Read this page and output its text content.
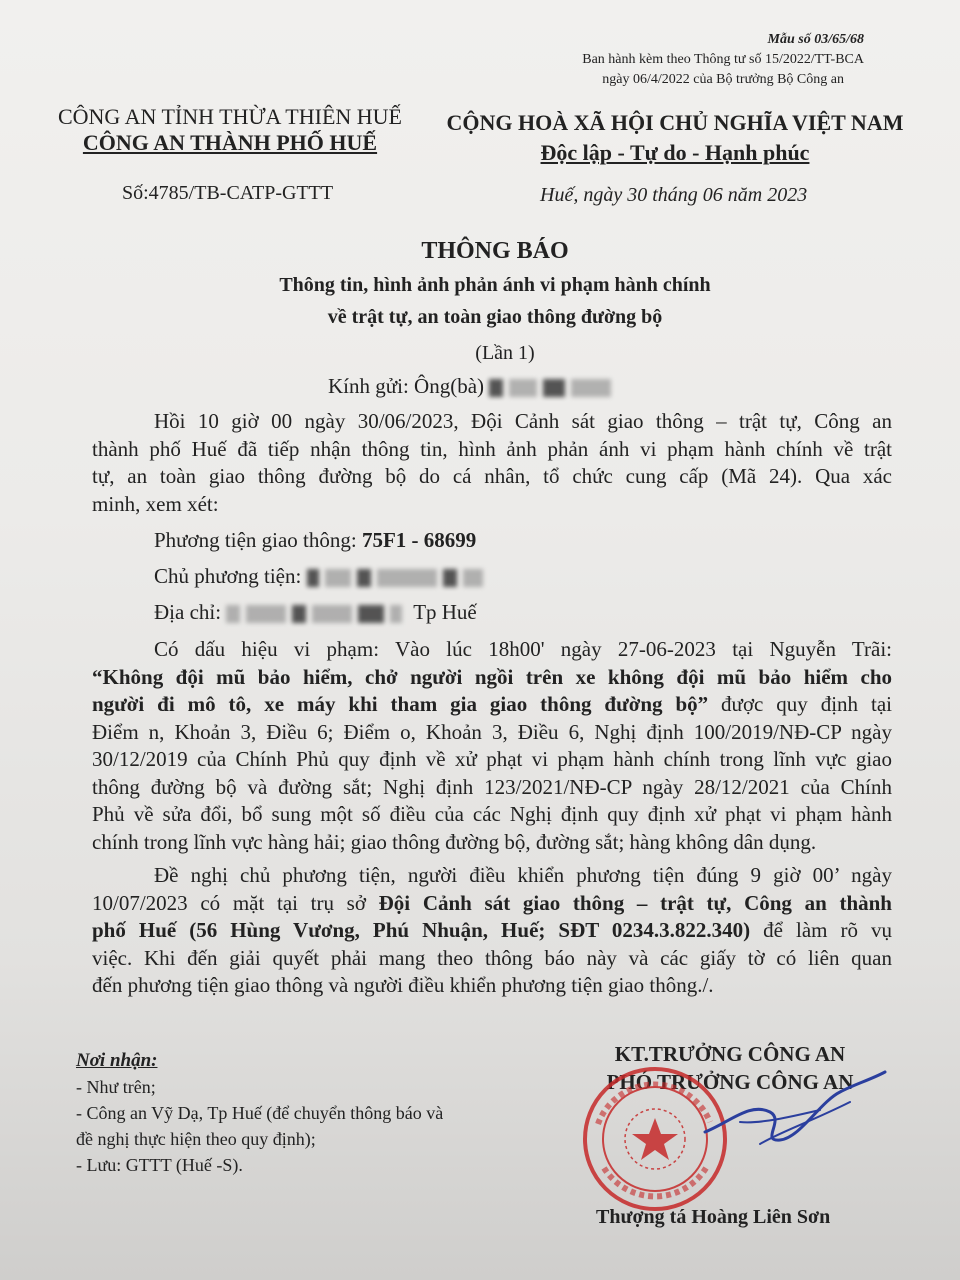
Mẫu số 03/65/68
Ban hành kèm theo Thông tư số 15/2022/TT-BCA
ngày 06/4/2022 của Bộ trưởng Bộ Công an
CÔNG AN TỈNH THỪA THIÊN HUẾ
CÔNG AN THÀNH PHỐ HUẾ
CỘNG HOÀ XÃ HỘI CHỦ NGHĨA VIỆT NAM
Độc lập - Tự do - Hạnh phúc
Số:4785/TB-CATP-GTTT	Huế, ngày 30 tháng 06 năm 2023
THÔNG BÁO
Thông tin, hình ảnh phản ánh vi phạm hành chính
về trật tự, an toàn giao thông đường bộ
(Lần 1)
Kính gửi: Ông(bà)
Hồi 10 giờ 00 ngày 30/06/2023, Đội Cảnh sát giao thông – trật tự, Công an
thành phố Huế đã tiếp nhận thông tin, hình ảnh phản ánh vi phạm hành chính về trật
tự, an toàn giao thông đường bộ do cá nhân, tổ chức cung cấp (Mã 24). Qua xác
minh, xem xét:
Phương tiện giao thông: 75F1 - 68699
Chủ phương tiện:
Địa chỉ:	Tp Huế
Có dấu hiệu vi phạm: Vào lúc 18h00' ngày 27-06-2023 tại Nguyễn Trãi:
“Không đội mũ bảo hiểm, chở người ngồi trên xe không đội mũ bảo hiểm cho
người đi mô tô, xe máy khi tham gia giao thông đường bộ” được quy định tại
Điểm n, Khoản 3, Điều 6; Điểm o, Khoản 3, Điều 6, Nghị định 100/2019/NĐ-CP ngày
30/12/2019 của Chính Phủ quy định về xử phạt vi phạm hành chính trong lĩnh vực giao
thông đường bộ và đường sắt; Nghị định 123/2021/NĐ-CP ngày 28/12/2021 của Chính
Phủ về sửa đổi, bổ sung một số điều của các Nghị định quy định xử phạt vi phạm hành
chính trong lĩnh vực hàng hải; giao thông đường bộ, đường sắt; hàng không dân dụng.
Đề nghị chủ phương tiện, người điều khiển phương tiện đúng 9 giờ 00’ ngày
10/07/2023 có mặt tại trụ sở Đội Cảnh sát giao thông – trật tự, Công an thành
phố Huế (56 Hùng Vương, Phú Nhuận, Huế; SĐT 0234.3.822.340) để làm rõ vụ
việc. Khi đến giải quyết phải mang theo thông báo này và các giấy tờ có liên quan
đến phương tiện giao thông và người điều khiển phương tiện giao thông./.
Nơi nhận:
- Như trên;
- Công an Vỹ Dạ, Tp Huế (để chuyển thông báo và
đề nghị thực hiện theo quy định);
- Lưu: GTTT (Huế -S).
KT.TRƯỞNG CÔNG AN
PHÓ TRƯỞNG CÔNG AN
Thượng tá Hoàng Liên Sơn
